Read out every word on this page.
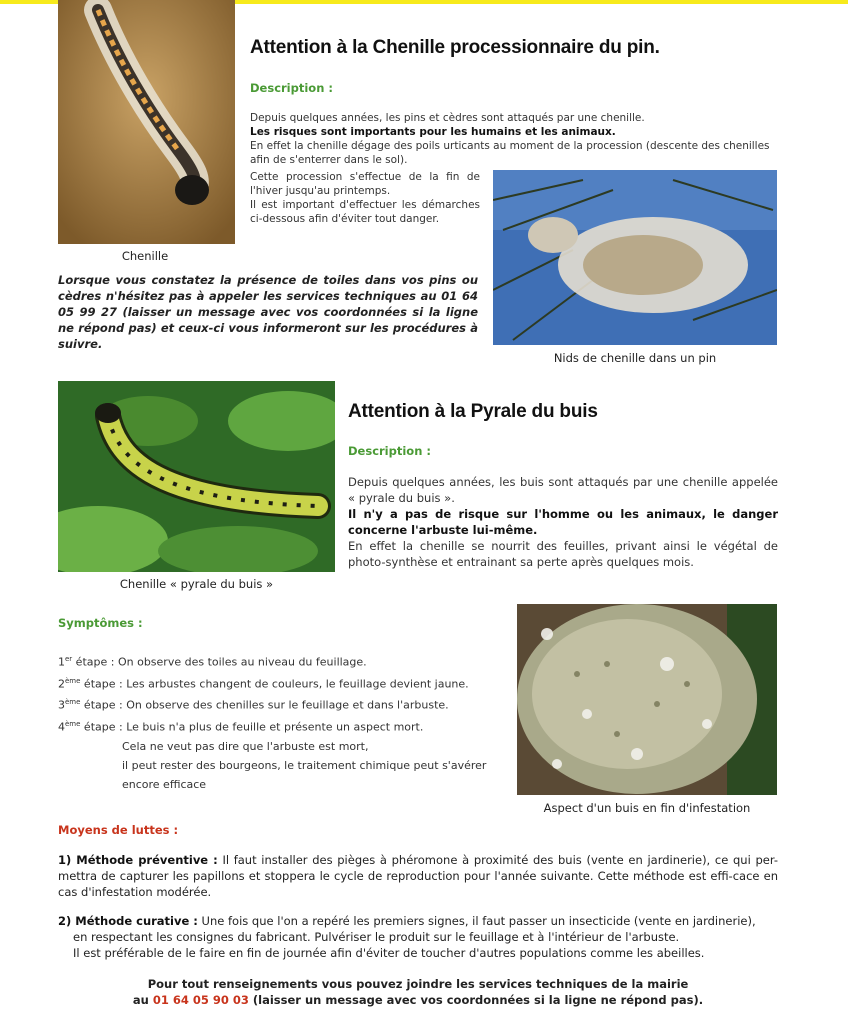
Chenille
Attention à la Chenille processionnaire du pin.
Description :

Depuis quelques années, les pins et cèdres sont attaqués par une chenille.

Les risques sont importants pour les humains et les animaux.

En effet la chenille dégage des poils urticants au moment de la procession (descente des chenilles afin de s'enterrer dans le sol).

Cette procession s'effectue de la fin de l'hiver jusqu'au printemps.

Il est important d'effectuer les démarches ci-dessous afin d'éviter tout danger.

Nids de chenille dans un pin
Lorsque vous constatez la présence de toiles dans vos pins ou cèdres n'hésitez pas à appeler les services techniques au 01 64 05 99 27 (laisser un message avec vos coordonnées si la ligne ne répond pas) et ceux-ci vous informeront sur les procédures à suivre.
Chenille « pyrale du buis »
Attention à la Pyrale du buis
Description :

Depuis quelques années, les buis sont attaqués par une chenille appelée « pyrale du buis ».

Il n'y a pas de risque sur l'homme ou les animaux, le danger concerne l'arbuste lui-même.

En effet la chenille se nourrit des feuilles, privant ainsi le végétal de photo-synthèse et entrainant sa perte après quelques mois.

Symptômes :

1er étape : On observe des toiles au niveau du feuillage.

2ème étape : Les arbustes changent de couleurs, le feuillage devient jaune.

3ème étape : On observe des chenilles sur le feuillage et dans l'arbuste.

4ème étape : Le buis n'a plus de feuille et présente un aspect mort.

Cela ne veut pas dire que l'arbuste est mort,

il peut rester des bourgeons, le traitement chimique peut s'avérer

encore efficace

Aspect d'un buis en fin d'infestation
Moyens de luttes :
1) Méthode préventive : Il faut installer des pièges à phéromone à proximité des buis (vente en jardinerie), ce qui per-mettra de capturer les papillons et stoppera le cycle de reproduction pour l'année suivante. Cette méthode est effi-cace en cas d'infestation modérée.

2) Méthode curative : Une fois que l'on a repéré les premiers signes, il faut passer un insecticide (vente en jardinerie),

en respectant les consignes du fabricant. Pulvériser le produit sur le feuillage et à l'intérieur de l'arbuste.

Il est préférable de le faire en fin de journée afin d'éviter de toucher d'autres populations comme les abeilles.

Pour tout renseignements vous pouvez joindre les services techniques de la mairie

au 01 64 05 90 03 (laisser un message avec vos coordonnées si la ligne ne répond pas).
